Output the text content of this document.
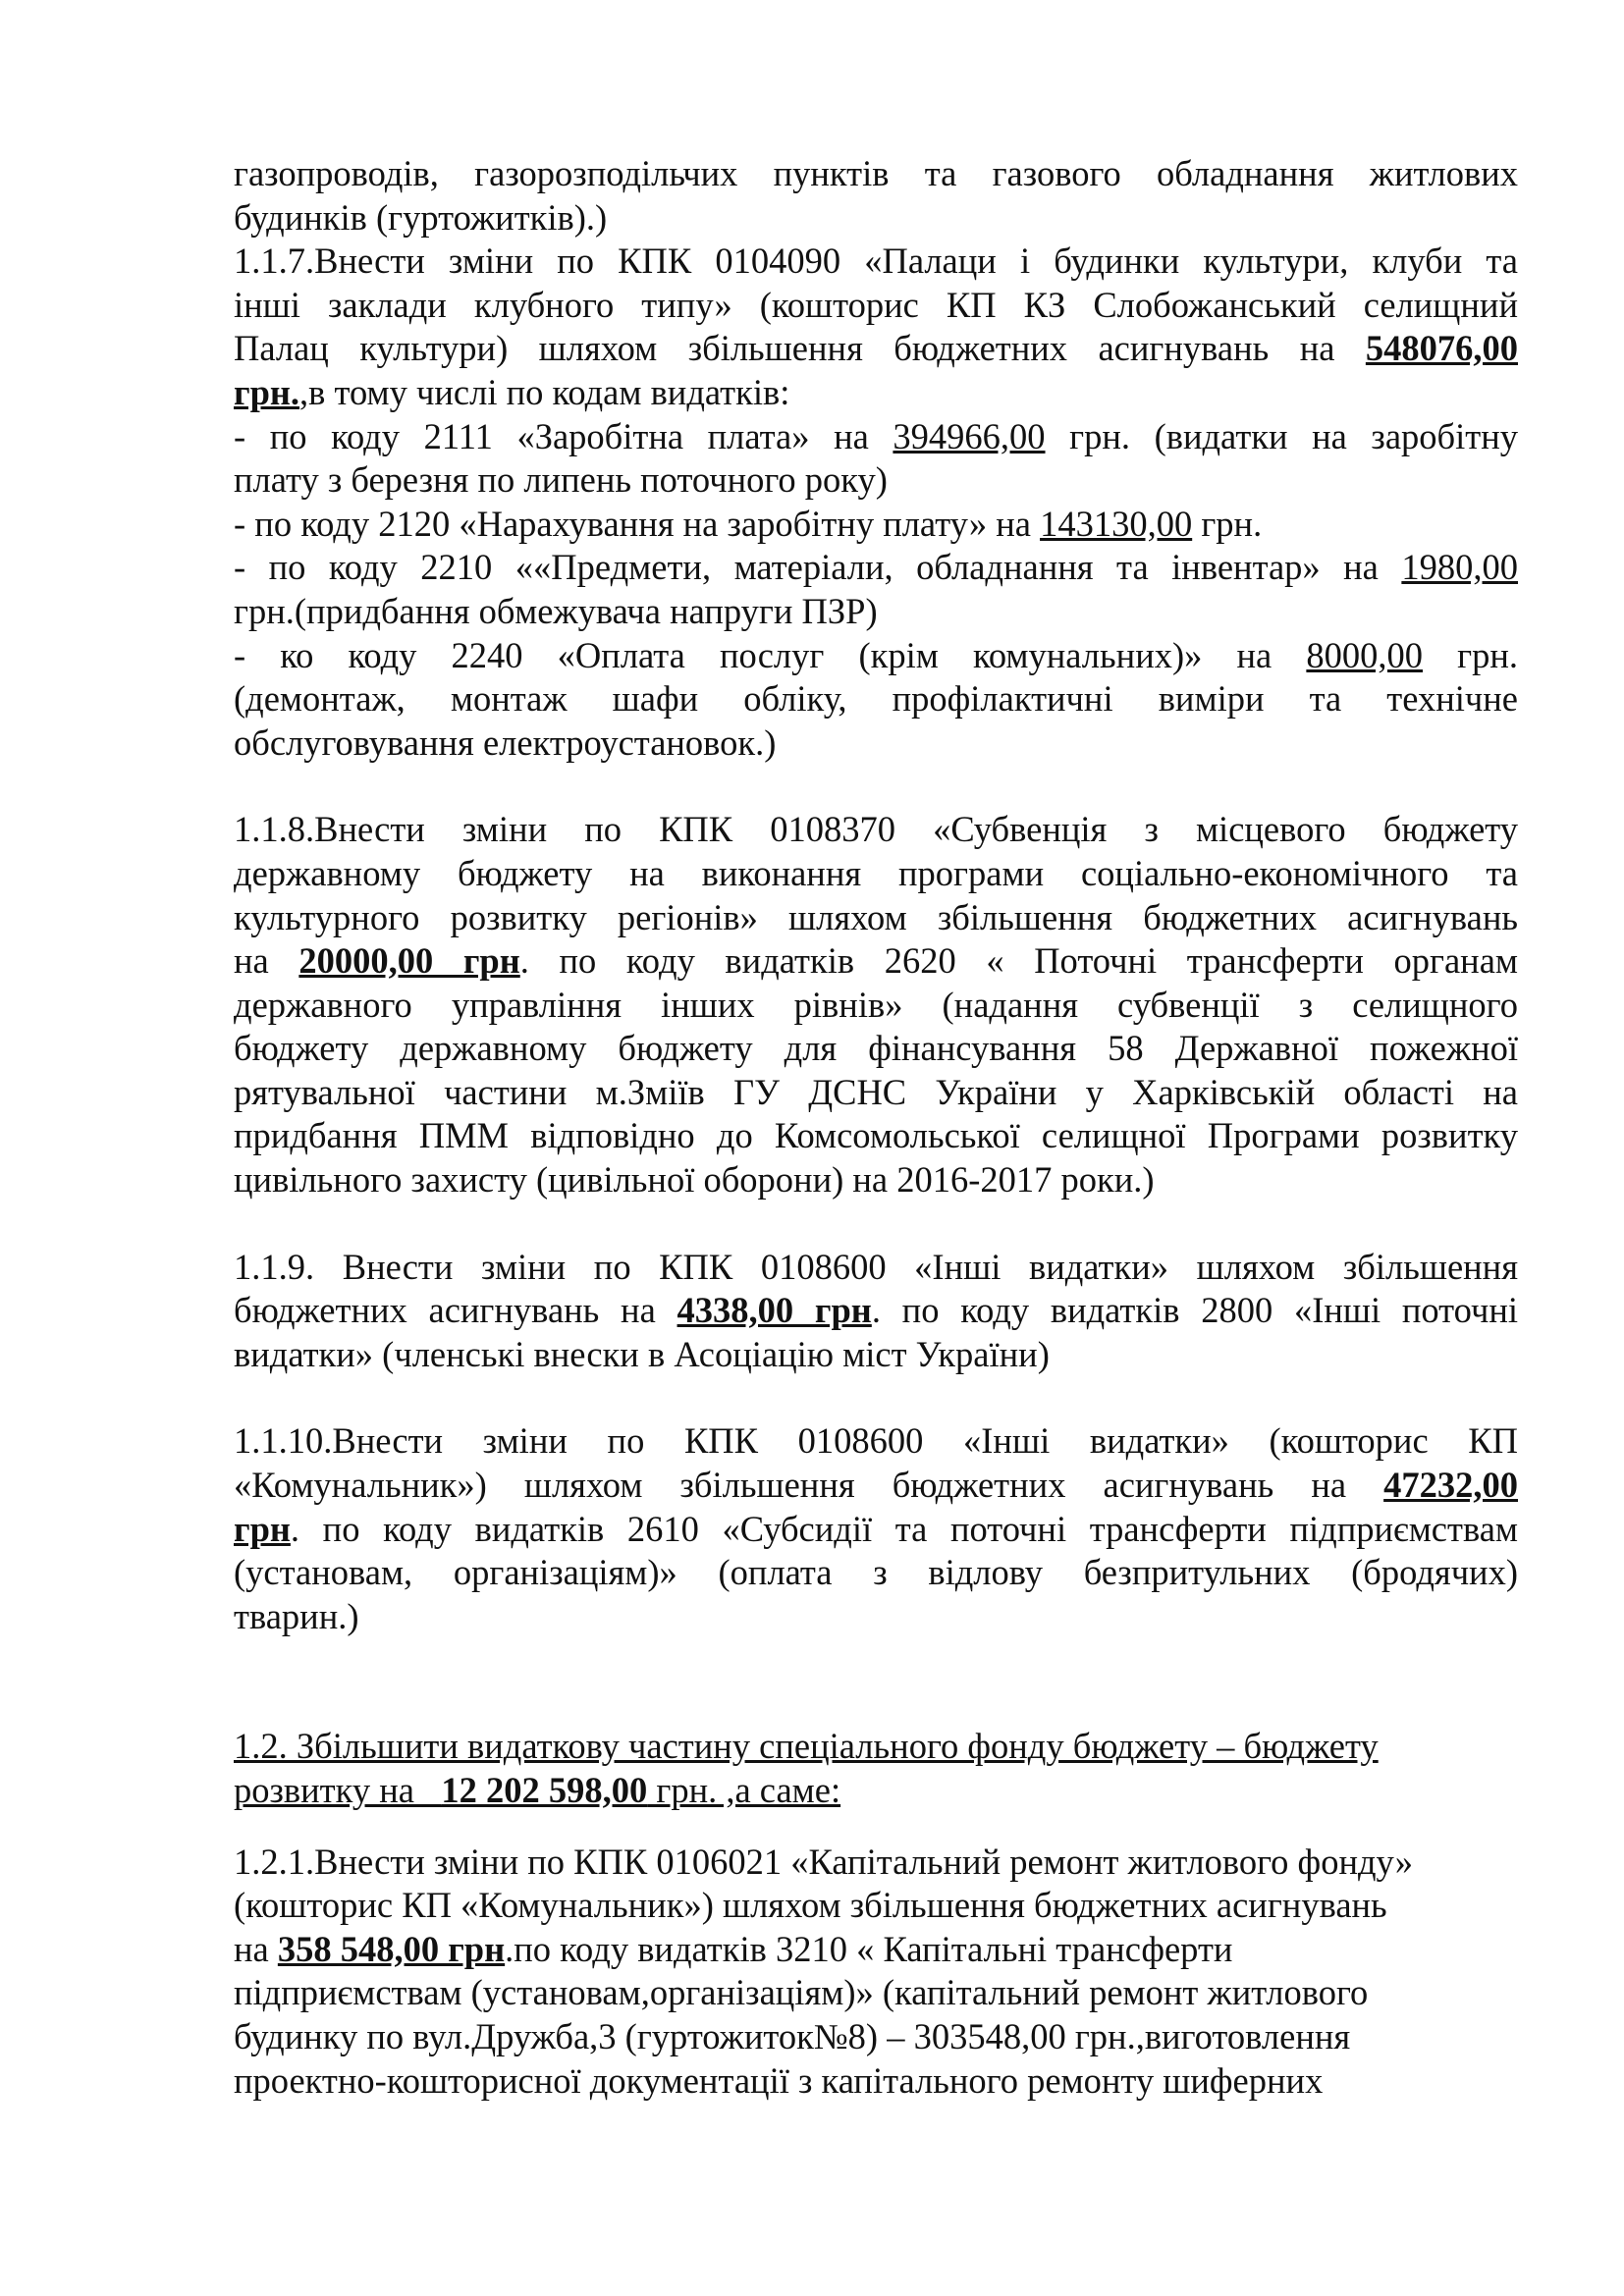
газопроводів, газорозподільчих пунктів та газового обладнання житлових

будинків (гуртожитків).)

1.1.7.Внести зміни по КПК 0104090 «Палаци і будинки культури, клуби та

інші заклади клубного типу» (кошторис КП КЗ Слобожанський селищний

Палац культури) шляхом збільшення бюджетних асигнувань на 548076,00

грн.,в тому числі по кодам видатків:

- по коду 2111 «Заробітна плата» на 394966,00 грн. (видатки на заробітну

плату з березня по липень поточного року)

- по коду 2120 «Нарахування на заробітну плату» на 143130,00 грн.

- по коду 2210 ««Предмети, матеріали, обладнання та інвентар» на 1980,00

грн.(придбання обмежувача напруги ПЗР)

- ко коду 2240 «Оплата послуг (крім комунальних)» на 8000,00 грн.

(демонтаж, монтаж шафи обліку, профілактичні виміри та технічне

обслуговування електроустановок.)

1.1.8.Внести зміни по КПК 0108370 «Субвенція з місцевого бюджету

державному бюджету на виконання програми соціально-економічного та

культурного розвитку регіонів» шляхом збільшення бюджетних асигнувань

на 20000,00 грн. по коду видатків 2620 « Поточні трансферти органам

державного управління інших рівнів» (надання субвенції з селищного

бюджету державному бюджету для фінансування 58 Державної пожежної

рятувальної частини м.Зміїв ГУ ДСНС України у Харківській області на

придбання ПММ відповідно до Комсомольської селищної Програми розвитку

цивільного захисту (цивільної оборони) на 2016-2017 роки.)

1.1.9. Внести зміни по КПК 0108600 «Інші видатки» шляхом збільшення

бюджетних асигнувань на 4338,00 грн. по коду видатків 2800 «Інші поточні

видатки» (членські внески в Асоціацію міст України)

1.1.10.Внести зміни по КПК 0108600 «Інші видатки» (кошторис КП

«Комунальник») шляхом збільшення бюджетних асигнувань на 47232,00

грн. по коду видатків 2610 «Субсидії та поточні трансферти підприємствам

(установам, організаціям)» (оплата з відлову безпритульних (бродячих)

тварин.)

1.2. Збільшити видаткову частину спеціального фонду бюджету – бюджету

розвитку на _12 202 598,00 грн. ,а саме:

1.2.1.Внести зміни по КПК 0106021 «Капітальний ремонт житлового фонду»

(кошторис КП «Комунальник») шляхом збільшення бюджетних асигнувань

на 358 548,00 грн.по коду видатків 3210 « Капітальні трансферти

підприємствам (установам,організаціям)» (капітальний ремонт житлового

будинку по вул.Дружба,3 (гуртожиток№8) – 303548,00 грн.,виготовлення

проектно-кошторисної документації з капітального ремонту шиферних
